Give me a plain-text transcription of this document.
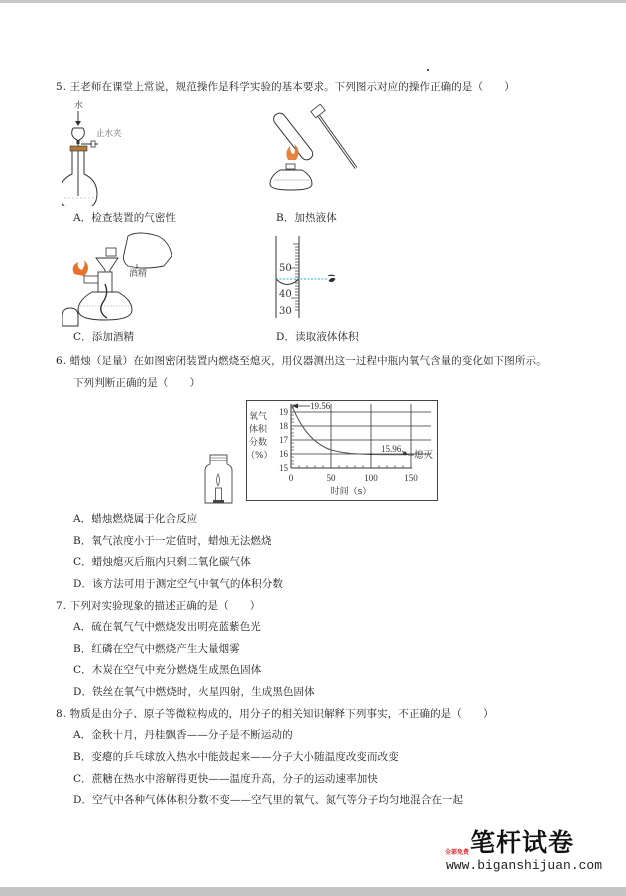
5. 王老师在课堂上常说，规范操作是科学实验的基本要求。下列图示对应的操作正确的是（　　）
水
止水夹
A．检查装置的气密性	B．加热液体
酒精	50
40
30
C．添加酒精	D．读取液体体积
6. 蜡烛（足量）在如图密闭装置内燃烧至熄灭，用仪器测出这一过程中瓶内氧气含量的变化如下图所示。
下列判断正确的是（　　）
19
18
17
16
15
0	50	100	150
氧气
体积
分数
（%）
时间（s）
19.56
15.96
熄灭
A．蜡烛燃烧属于化合反应
B．氧气浓度小于一定值时，蜡烛无法燃烧
C．蜡烛熄灭后瓶内只剩二氧化碳气体
D．该方法可用于测定空气中氧气的体积分数
7. 下列对实验现象的描述正确的是（　　）
A．硫在氧气气中燃烧发出明亮蓝紫色光
B．红磷在空气中燃烧产生大量烟雾
C．木炭在空气中充分燃烧生成黑色固体
D．铁丝在氧气中燃烧时，火星四射，生成黑色固体
8. 物质是由分子、原子等微粒构成的，用分子的相关知识解释下列事实，不正确的是（　　）
A．金秋十月，丹桂飘香——分子是不断运动的
B．变瘪的乒乓球放入热水中能鼓起来——分子大小随温度改变而改变
C．蔗糖在热水中溶解得更快——温度升高，分子的运动速率加快
D．空气中各种气体体积分数不变——空气里的氧气、氮气等分子均匀地混合在一起
笔杆试卷
全部免费
www.biganshijuan.com
